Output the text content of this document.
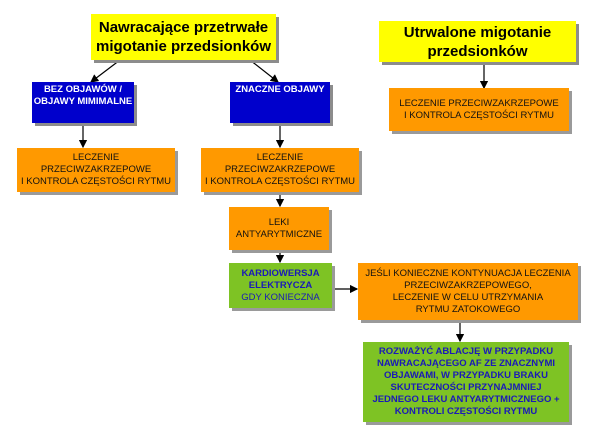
Nawracające przetrwałe
migotanie przedsionków
Utrwalone migotanie
przedsionków
BEZ OBJAWÓW /
OBJAWY MIMIMALNE
ZNACZNE OBJAWY
LECZENIE PRZECIWZAKRZEPOWE
I KONTROLA CZĘSTOŚCI RYTMU
LECZENIE
PRZECIWZAKRZEPOWE
I KONTROLA CZĘSTOŚCI RYTMU
LECZENIE
PRZECIWZAKRZEPOWE
I KONTROLA CZĘSTOŚCI RYTMU
LEKI
ANTYARYTMICZNE
KARDIOWERSJA
ELEKTRYCZA
GDY KONIECZNA
JEŚLI KONIECZNE KONTYNUACJA LECZENIA
PRZECIWZAKRZEPOWEGO,
LECZENIE W CELU UTRZYMANIA
RYTMU ZATOKOWEGO
ROZWAŻYĆ ABLACJĘ W PRZYPADKU
NAWRACAJĄCEGO AF ZE ZNACZNYMI
OBJAWAMI, W PRZYPADKU BRAKU
SKUTECZNOŚCI PRZYNAJMNIEJ
JEDNEGO LEKU ANTYARYTMICZNEGO +
KONTROLI CZĘSTOŚCI RYTMU
